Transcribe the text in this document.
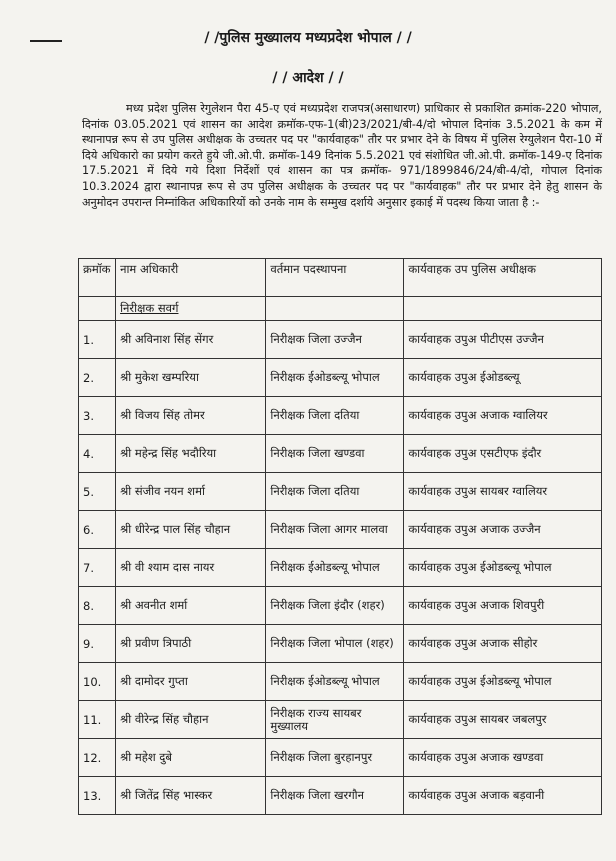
/ /पुलिस मुख्यालय मध्यप्रदेश भोपाल / /
/ / आदेश / /
मध्य प्रदेश पुलिस रेगुलेशन पैरा 45-ए एवं मध्यप्रदेश राजपत्र(असाधारण) प्राधिकार से प्रकाशित क्रमांक-220 भोपाल, दिनांक 03.05.2021 एवं शासन का आदेश क्रमॉक-एफ-1(बी)23/2021/बी-4/दो भोपाल दिनांक 3.5.2021 के कम में स्थानापन्न रूप से उप पुलिस अधीक्षक के उच्चतर पद पर "कार्यवाहक" तौर पर प्रभार देने के विषय में पुलिस रेग्युलेशन पैरा-10 में दिये अधिकारो का प्रयोग करते हुये जी.ओ.पी. क्रमॉक-149 दिनांक 5.5.2021 एवं संशोधित जी.ओ.पी. क्रमॉक-149-ए दिनांक 17.5.2021 में दिये गये दिशा निर्देशों एवं शासन का पत्र क्रमॉक- 971/1899846/24/बी-4/दो, गोपाल दिनांक 10.3.2024 द्वारा स्थानापन्न रूप से उप पुलिस अधीक्षक के उच्चतर पद पर "कार्यवाहक" तौर पर प्रभार देने हेतु शासन के अनुमोदन उपरान्त निम्नांकित अधिकारियों को उनके नाम के सम्मुख दर्शाये अनुसार इकाई में पदस्थ किया जाता है :-
क्रमॉक	नाम अधिकारी	वर्तमान पदस्थापना	कार्यवाहक उप पुलिस अधीक्षक
	निरीक्षक सवर्ग		
1.	श्री अविनाश सिंह सेंगर	निरीक्षक जिला उज्जैन	कार्यवाहक उपुअ पीटीएस उज्जैन
2.	श्री मुकेश खम्परिया	निरीक्षक ईओडब्ल्यू भोपाल	कार्यवाहक उपुअ ईओडब्ल्यू
3.	श्री विजय सिंह तोमर	निरीक्षक जिला दतिया	कार्यवाहक उपुअ अजाक ग्वालियर
4.	श्री महेन्द्र सिंह भदौरिया	निरीक्षक जिला खण्डवा	कार्यवाहक उपुअ एसटीएफ इंदौर
5.	श्री संजीव नयन शर्मा	निरीक्षक जिला दतिया	कार्यवाहक उपुअ सायबर ग्वालियर
6.	श्री धीरेन्द्र पाल सिंह चौहान	निरीक्षक जिला आगर मालवा	कार्यवाहक उपुअ अजाक उज्जैन
7.	श्री वी श्याम दास नायर	निरीक्षक ईओडब्ल्यू भोपाल	कार्यवाहक उपुअ ईओडब्ल्यू भोपाल
8.	श्री अवनीत शर्मा	निरीक्षक जिला इंदौर (शहर)	कार्यवाहक उपुअ अजाक शिवपुरी
9.	श्री प्रवीण त्रिपाठी	निरीक्षक जिला भोपाल (शहर)	कार्यवाहक उपुअ अजाक सीहोर
10.	श्री दामोदर गुप्ता	निरीक्षक ईओडब्ल्यू भोपाल	कार्यवाहक उपुअ ईओडब्ल्यू भोपाल
11.	श्री वीरेन्द्र सिंह चौहान	निरीक्षक राज्य सायबर मुख्यालय	कार्यवाहक उपुअ सायबर जबलपुर
12.	श्री महेश दुबे	निरीक्षक जिला बुरहानपुर	कार्यवाहक उपुअ अजाक खण्डवा
13.	श्री जितेंद्र सिंह भास्कर	निरीक्षक जिला खरगौन	कार्यवाहक उपुअ अजाक बड़वानी
